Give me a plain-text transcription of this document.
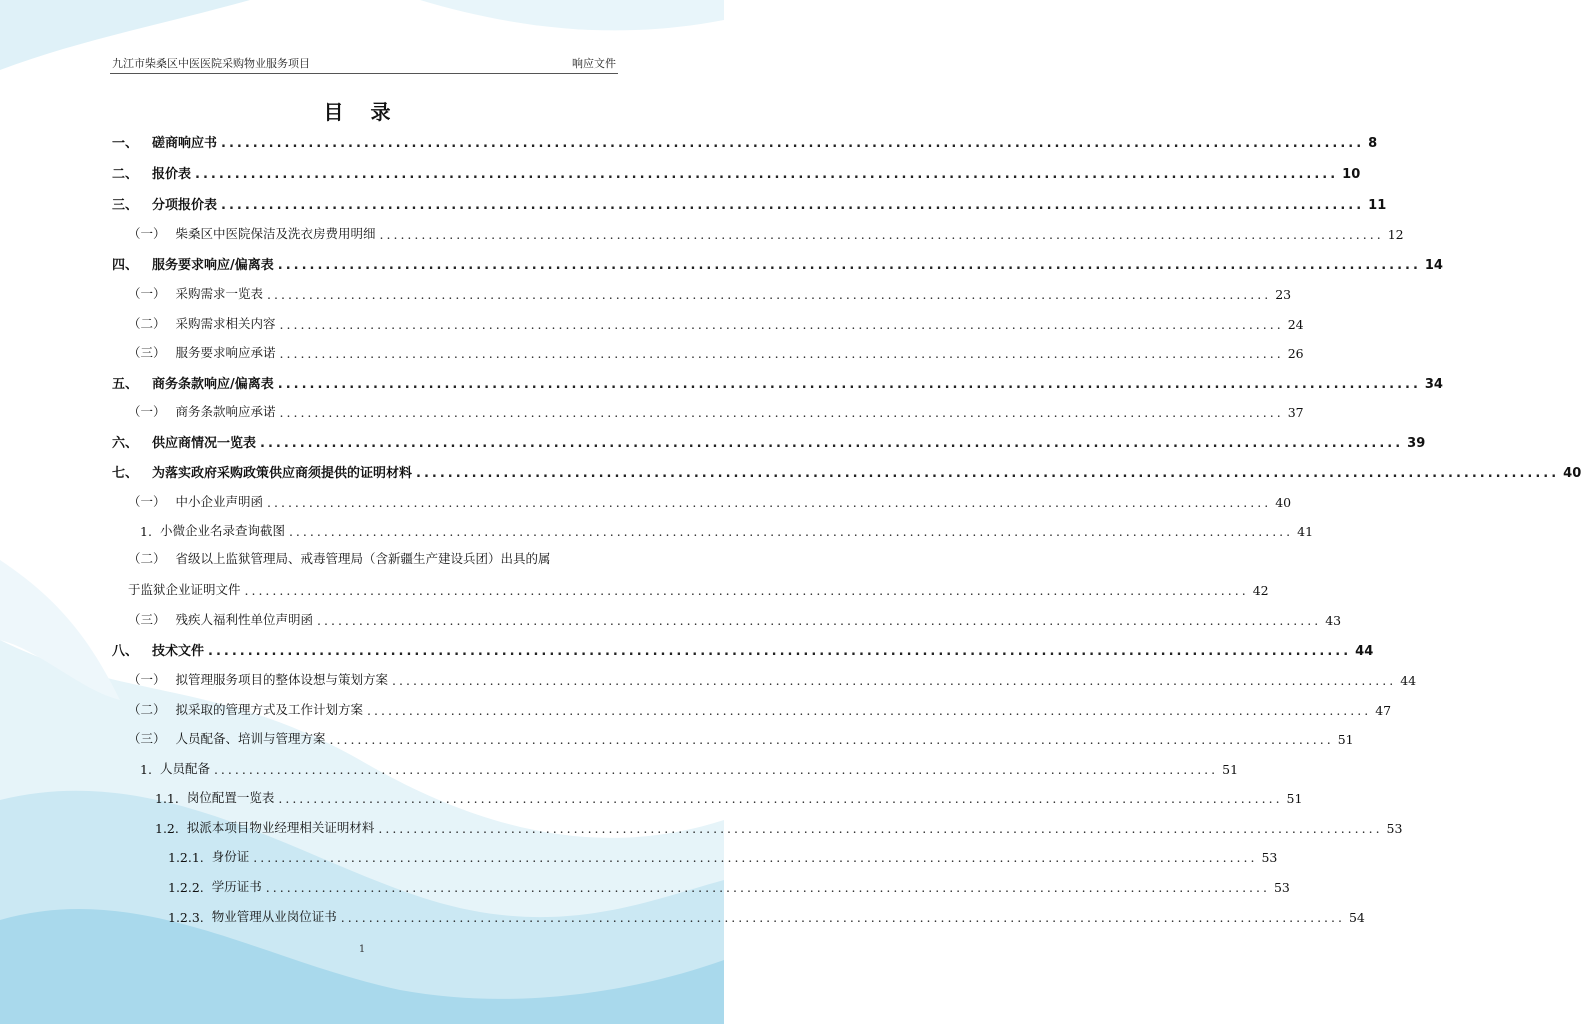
九江市柴桑区中医医院采购物业服务项目	响应文件
目 录
一、	磋商响应书 ................................................................................................................................................ 8
二、	报价表 ................................................................................................................................................ 10
三、	分项报价表 ................................................................................................................................................ 11
（一） 柴桑区中医院保洁及洗衣房费用明细 ................................................................................................................................................ 12
四、	服务要求响应/偏离表 ................................................................................................................................................ 14
（一） 采购需求一览表 ................................................................................................................................................ 23
（二） 采购需求相关内容 ................................................................................................................................................ 24
（三） 服务要求响应承诺 ................................................................................................................................................ 26
五、	商务条款响应/偏离表 ................................................................................................................................................ 34
（一） 商务条款响应承诺 ................................................................................................................................................ 37
六、	供应商情况一览表 ................................................................................................................................................ 39
七、	为落实政府采购政策供应商须提供的证明材料 ................................................................................................................................................ 40
（一） 中小企业声明函 ................................................................................................................................................ 40
1. 小微企业名录查询截图 ................................................................................................................................................ 41
（二） 省级以上监狱管理局、戒毒管理局（含新疆生产建设兵团）出具的属
于监狱企业证明文件 ................................................................................................................................................ 42
（三） 残疾人福利性单位声明函 ................................................................................................................................................ 43
八、	技术文件 ................................................................................................................................................ 44
（一） 拟管理服务项目的整体设想与策划方案 ................................................................................................................................................ 44
（二） 拟采取的管理方式及工作计划方案 ................................................................................................................................................ 47
（三） 人员配备、培训与管理方案 ................................................................................................................................................ 51
1. 人员配备 ................................................................................................................................................ 51
1.1. 岗位配置一览表 ................................................................................................................................................ 51
1.2. 拟派本项目物业经理相关证明材料 ................................................................................................................................................ 53
1.2.1. 身份证 ................................................................................................................................................ 53
1.2.2. 学历证书 ................................................................................................................................................ 53
1.2.3. 物业管理从业岗位证书 ................................................................................................................................................ 54
1
